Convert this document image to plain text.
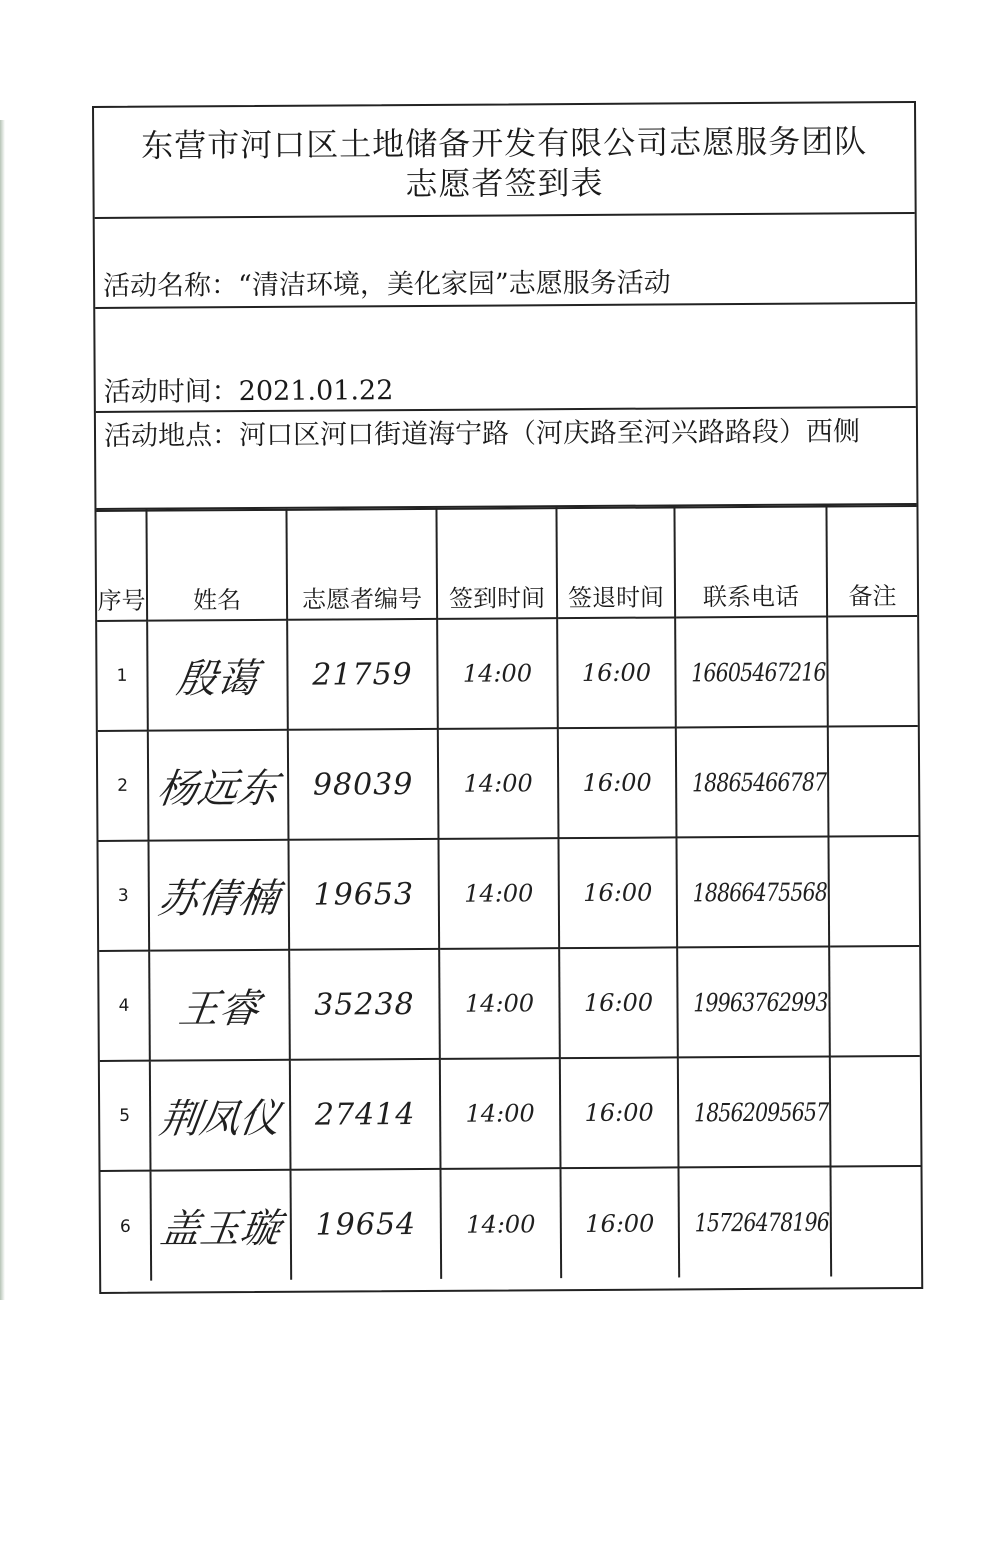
东营市河口区土地储备开发有限公司志愿服务团队
志愿者签到表
活动名称：“清洁环境，美化家园”志愿服务活动
活动时间：2021.01.22
活动地点：河口区河口街道海宁路（河庆路至河兴路路段）西侧
序号	姓名	志愿者编号	签到时间	签退时间	联系电话	备注
1	殷蔼	21759	14:00	16:00	16605467216	
2	杨远东	98039	14:00	16:00	18865466787	
3	苏倩楠	19653	14:00	16:00	18866475568	
4	王睿	35238	14:00	16:00	19963762993	
5	荆凤仪	27414	14:00	16:00	18562095657	
6	盖玉璇	19654	14:00	16:00	15726478196	
